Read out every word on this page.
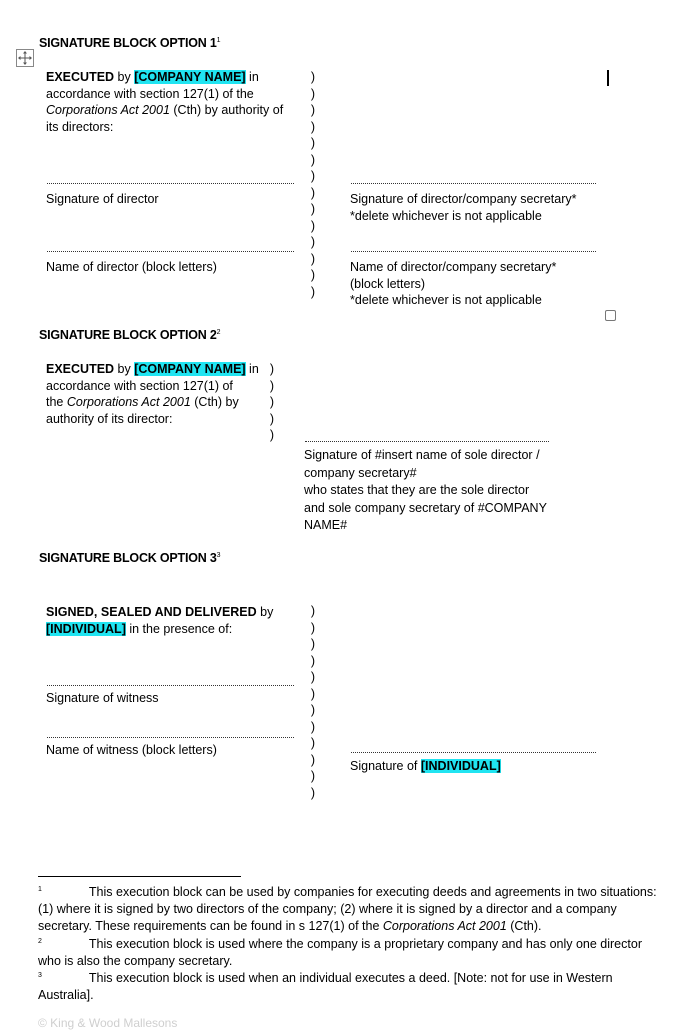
SIGNATURE BLOCK OPTION $1^1$
EXECUTED by [COMPANY NAME] in
accordance with section 127(1) of the
Corporations Act 2001 (Cth) by authority of
its directors:
)
)
)
)
)
)
)
)
)
)
)
)
)
)
Signature of director	Signature of director/company secretary*
*delete whichever is not applicable
Name of director (block letters)	Name of director/company secretary*
(block letters)
*delete whichever is not applicable
SIGNATURE BLOCK OPTION $2^2$
EXECUTED by [COMPANY NAME] in
accordance with section 127(1) of
the Corporations Act 2001 (Cth) by
authority of its director:
)
)
)
)
)
Signature of #insert name of sole director /
company secretary#
who states that they are the sole director
and sole company secretary of #COMPANY
NAME#
SIGNATURE BLOCK OPTION $3^3$
SIGNED, SEALED AND DELIVERED by
[INDIVIDUAL] in the presence of:
)
)
)
)
)
)
)
)
)
)
)
)
Signature of witness
Name of witness (block letters)
Signature of [INDIVIDUAL]
$^1$	This execution block can be used by companies for executing deeds and agreements in two situations:
(1) where it is signed by two directors of the company; (2) where it is signed by a director and a company
secretary. These requirements can be found in s 127(1) of the Corporations Act 2001 (Cth).
$^2$	This execution block is used where the company is a proprietary company and has only one director
who is also the company secretary.
$^3$	This execution block is used when an individual executes a deed. [Note: not for use in Western
Australia].
© King & Wood Mallesons
